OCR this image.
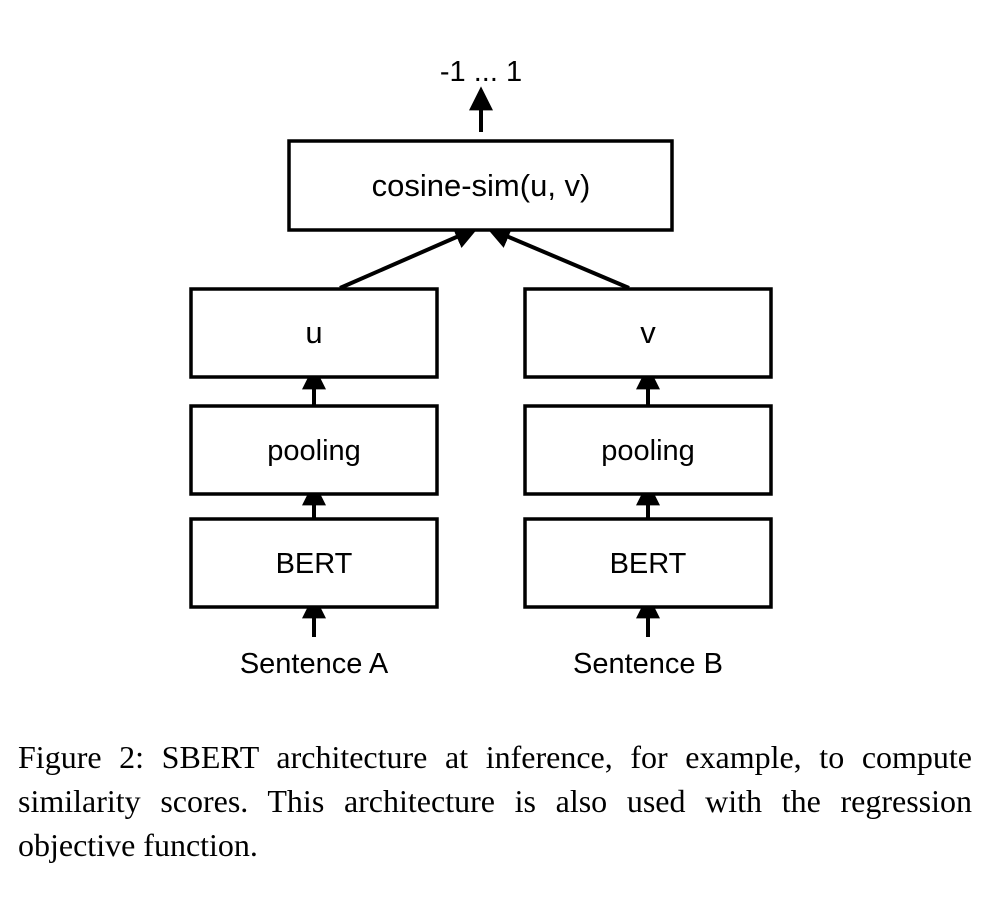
-1 ... 1
cosine-sim(u, v)
u	v
pooling	pooling
BERT	BERT
Sentence A	Sentence B

Figure 2: SBERT architecture at inference, for example, to compute similarity scores. This architecture is also used with the regression objective function.
